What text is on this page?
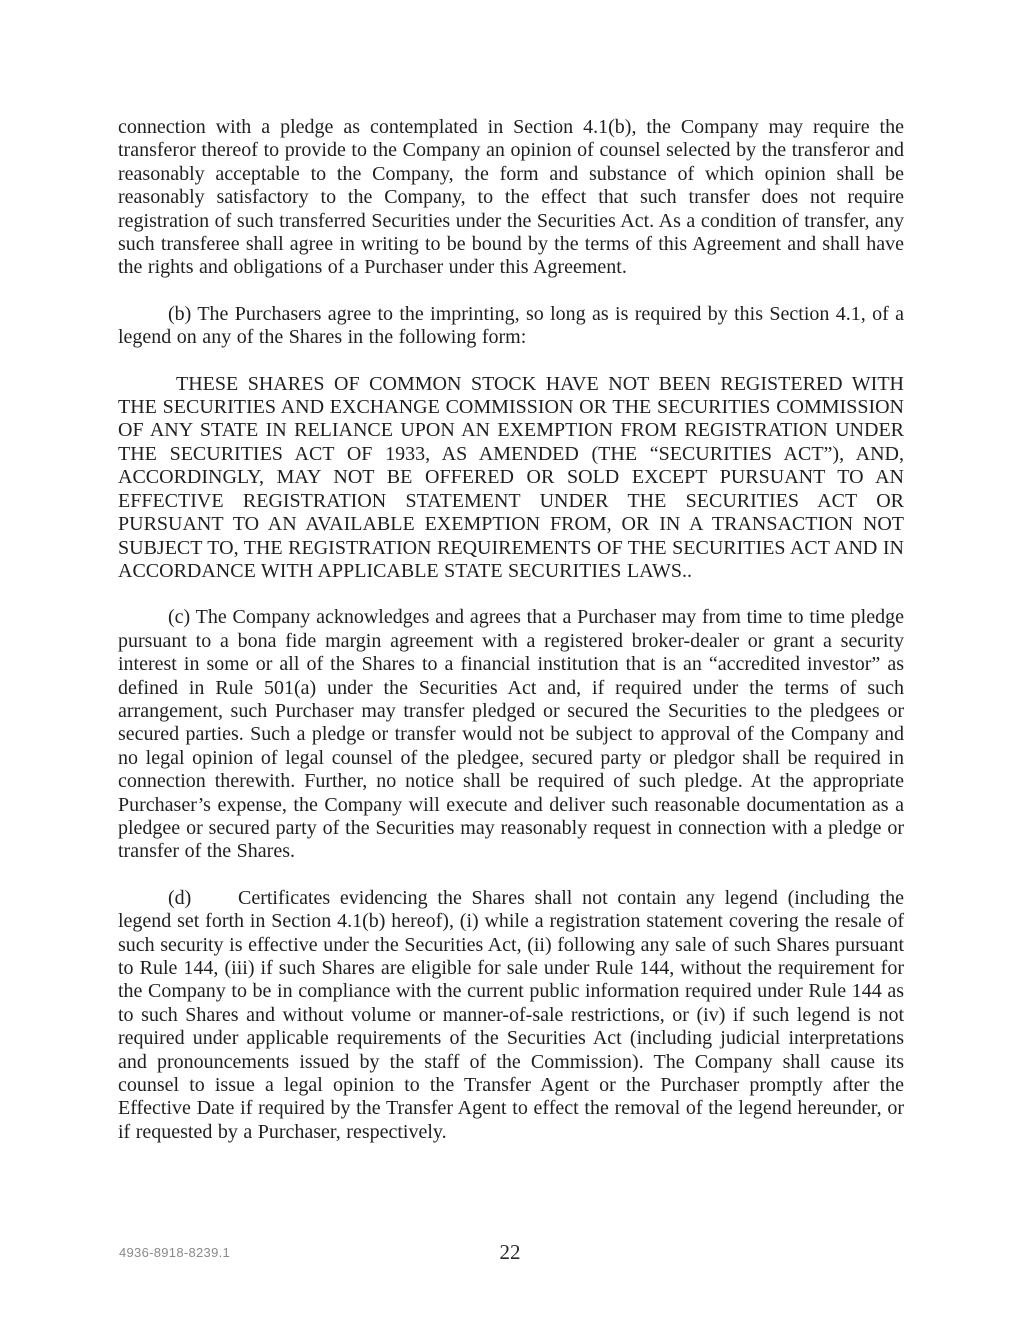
connection with a pledge as contemplated in Section 4.1(b), the Company may require the transferor thereof to provide to the Company an opinion of counsel selected by the transferor and reasonably acceptable to the Company, the form and substance of which opinion shall be reasonably satisfactory to the Company, to the effect that such transfer does not require registration of such transferred Securities under the Securities Act. As a condition of transfer, any such transferee shall agree in writing to be bound by the terms of this Agreement and shall have the rights and obligations of a Purchaser under this Agreement.

(b) The Purchasers agree to the imprinting, so long as is required by this Section 4.1, of a legend on any of the Shares in the following form:

THESE SHARES OF COMMON STOCK HAVE NOT BEEN REGISTERED WITH THE SECURITIES AND EXCHANGE COMMISSION OR THE SECURITIES COMMISSION OF ANY STATE IN RELIANCE UPON AN EXEMPTION FROM REGISTRATION UNDER THE SECURITIES ACT OF 1933, AS AMENDED (THE “SECURITIES ACT”), AND, ACCORDINGLY, MAY NOT BE OFFERED OR SOLD EXCEPT PURSUANT TO AN EFFECTIVE REGISTRATION STATEMENT UNDER THE SECURITIES ACT OR PURSUANT TO AN AVAILABLE EXEMPTION FROM, OR IN A TRANSACTION NOT SUBJECT TO, THE REGISTRATION REQUIREMENTS OF THE SECURITIES ACT AND IN ACCORDANCE WITH APPLICABLE STATE SECURITIES LAWS..

(c) The Company acknowledges and agrees that a Purchaser may from time to time pledge pursuant to a bona fide margin agreement with a registered broker-dealer or grant a security interest in some or all of the Shares to a financial institution that is an “accredited investor” as defined in Rule 501(a) under the Securities Act and, if required under the terms of such arrangement, such Purchaser may transfer pledged or secured the Securities to the pledgees or secured parties. Such a pledge or transfer would not be subject to approval of the Company and no legal opinion of legal counsel of the pledgee, secured party or pledgor shall be required in connection therewith. Further, no notice shall be required of such pledge. At the appropriate Purchaser’s expense, the Company will execute and deliver such reasonable documentation as a pledgee or secured party of the Securities may reasonably request in connection with a pledge or transfer of the Shares.

(d) Certificates evidencing the Shares shall not contain any legend (including the legend set forth in Section 4.1(b) hereof), (i) while a registration statement covering the resale of such security is effective under the Securities Act, (ii) following any sale of such Shares pursuant to Rule 144, (iii) if such Shares are eligible for sale under Rule 144, without the requirement for the Company to be in compliance with the current public information required under Rule 144 as to such Shares and without volume or manner-of-sale restrictions, or (iv) if such legend is not required under applicable requirements of the Securities Act (including judicial interpretations and pronouncements issued by the staff of the Commission). The Company shall cause its counsel to issue a legal opinion to the Transfer Agent or the Purchaser promptly after the Effective Date if required by the Transfer Agent to effect the removal of the legend hereunder, or if requested by a Purchaser, respectively.

4936-8918-8239.1	22
